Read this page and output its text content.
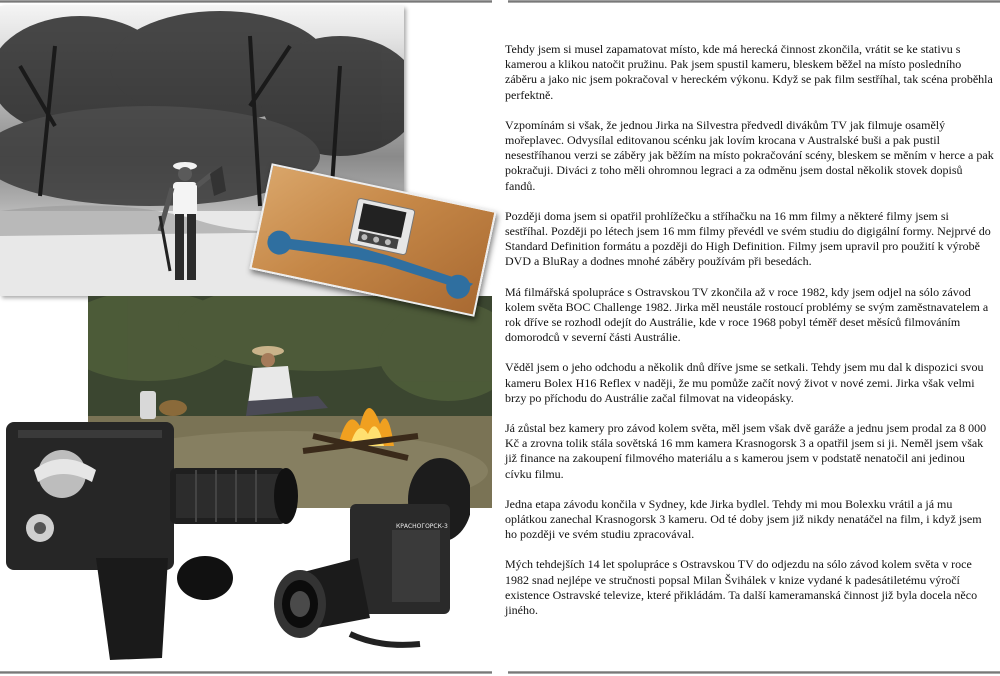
КРАСНОГОРСК-3

Tehdy jsem si musel zapamatovat místo, kde má herecká činnost zkončila, vrátit se ke stativu s kamerou a klikou natočit pružinu. Pak jsem spustil kameru, bleskem běžel na místo posledního záběru a jako nic jsem pokračoval v hereckém výkonu. Když se pak film sestříhal, tak scéna proběhla perfektně.

Vzpomínám si však, že jednou Jirka na Silvestra předvedl divákům TV jak filmuje osamělý mořeplavec. Odvysílal editovanou scénku jak lovím krocana v Australské buši a pak pustil nesestříhanou verzi se záběry jak běžím na místo pokračování scény, bleskem se měním v herce a pak pokračuji. Diváci z toho měli ohromnou legraci a za odměnu jsem dostal několik stovek dopisů fandů.

Později doma jsem si opatřil prohlížečku a stříhačku na 16 mm filmy a některé filmy jsem si sestříhal. Později po létech jsem 16 mm filmy převédl ve svém studiu do digigální formy. Nejprvé do Standard Definition formátu a později do High Definition. Filmy jsem upravil pro použití k výrobě DVD a BluRay a dodnes mnohé záběry používám při besedách.

Má filmářská spolupráce s Ostravskou TV zkončila až v roce 1982, kdy jsem odjel na sólo závod kolem světa BOC Challenge 1982. Jirka měl neustále rostoucí problémy se svým zaměstnavatelem a rok dříve se rozhodl odejít do Austrálie, kde v roce 1968 pobyl téměř deset měsíců filmováním domorodců v severní části Austrálie.

Věděl jsem o jeho odchodu a několik dnů dříve jsme se setkali. Tehdy jsem mu dal k dispozici svou kameru Bolex H16 Reflex v naději, že mu pomůže začít nový život v nové zemi. Jirka však velmi brzy po příchodu do Austrálie začal filmovat na videopásky.

Já zůstal bez kamery pro závod kolem světa, měl jsem však dvě garáže a jednu jsem prodal za 8 000 Kč a zrovna tolik stála sovětská 16 mm kamera Krasnogorsk 3 a opatřil jsem si ji. Neměl jsem však již finance na zakoupení filmového materiálu a s kamerou jsem v podstatě nenatočil ani jedinou cívku filmu.

Jedna etapa závodu končila v Sydney, kde Jirka bydlel. Tehdy mi mou Bolexku vrátil a já mu oplátkou zanechal Krasnogorsk 3 kameru. Od té doby jsem již nikdy nenatáčel na film, i když jsem ho později ve svém studiu zpracovával.

Mých tehdejších 14 let spolupráce s Ostravskou TV do odjezdu na sólo závod kolem světa v roce 1982 snad nejlépe ve stručnosti popsal Milan Švihálek v knize vydané k padesátiletému výročí existence Ostravské televize, které přikládám. Ta další kameramanská činnost již byla docela něco jiného.
